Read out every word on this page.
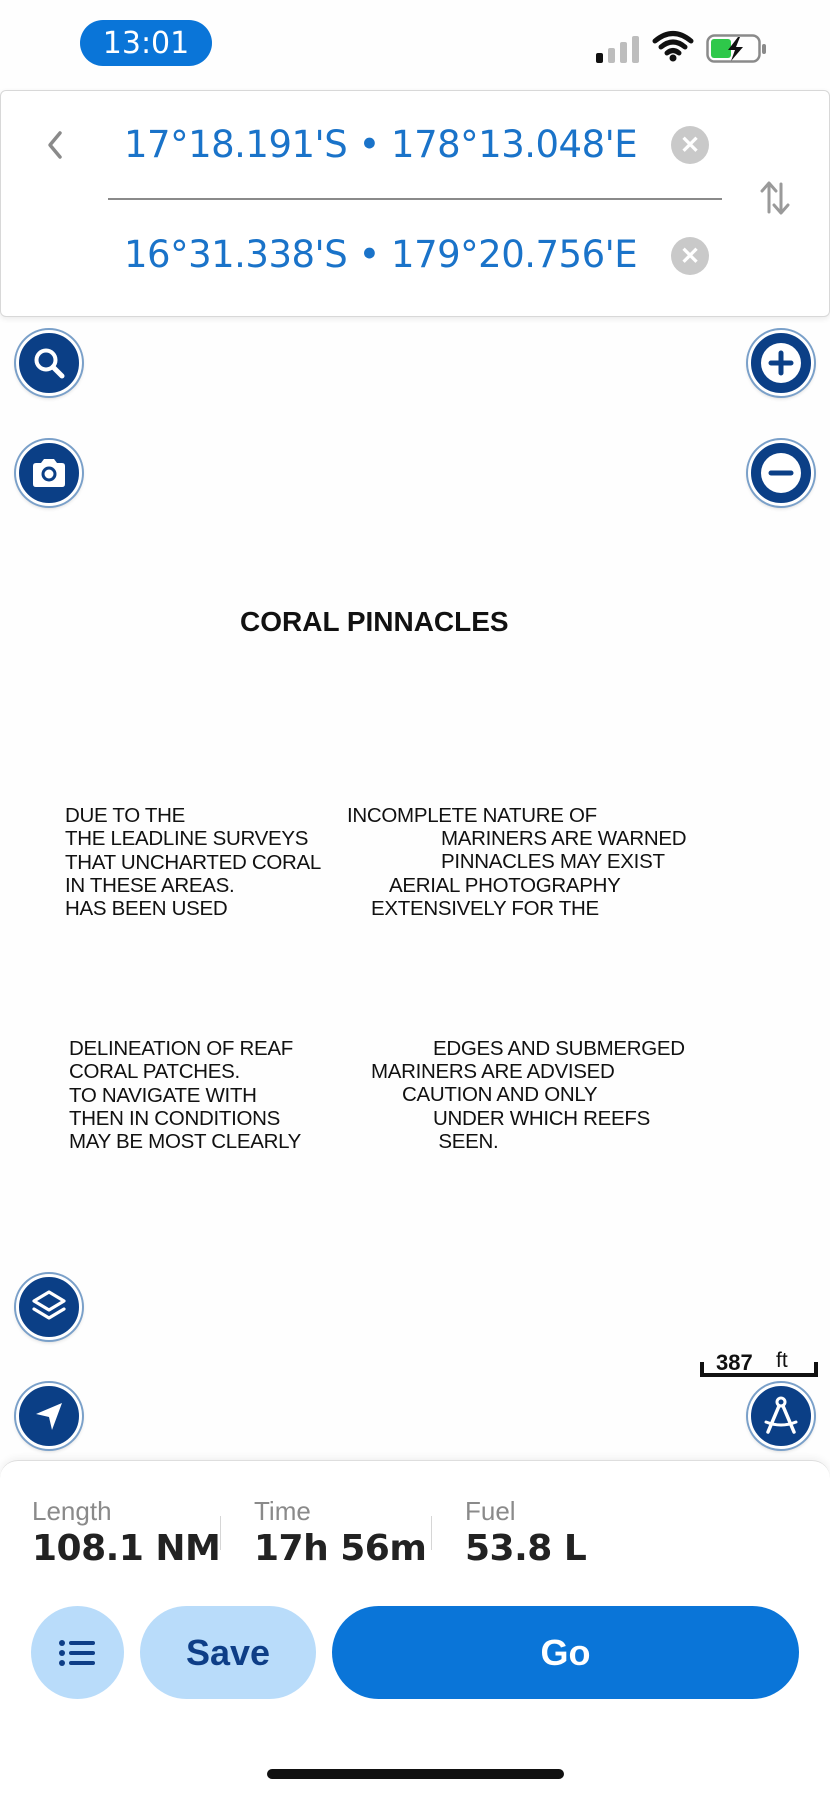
13:01
17°18.191'S • 178°13.048'E ✕
16°31.338'S • 179°20.756'E ✕
CORAL PINNACLES
DUE TO THE
THE LEADLINE SURVEYS
THAT UNCHARTED CORAL
IN THESE AREAS.
HAS BEEN USED
INCOMPLETE NATURE OF
MARINERS ARE WARNED
PINNACLES MAY EXIST
AERIAL PHOTOGRAPHY
EXTENSIVELY FOR THE
DELINEATION OF REAF
CORAL PATCHES.
TO NAVIGATE WITH
THEN IN CONDITIONS
MAY BE MOST CLEARLY
EDGES AND SUBMERGED
MARINERS ARE ADVISED
CAUTION AND ONLY
UNDER WHICH REEFS
SEEN.
387 ft
Length
108.1 NM
Time
17h 56m
Fuel
53.8 L
Save	Go
